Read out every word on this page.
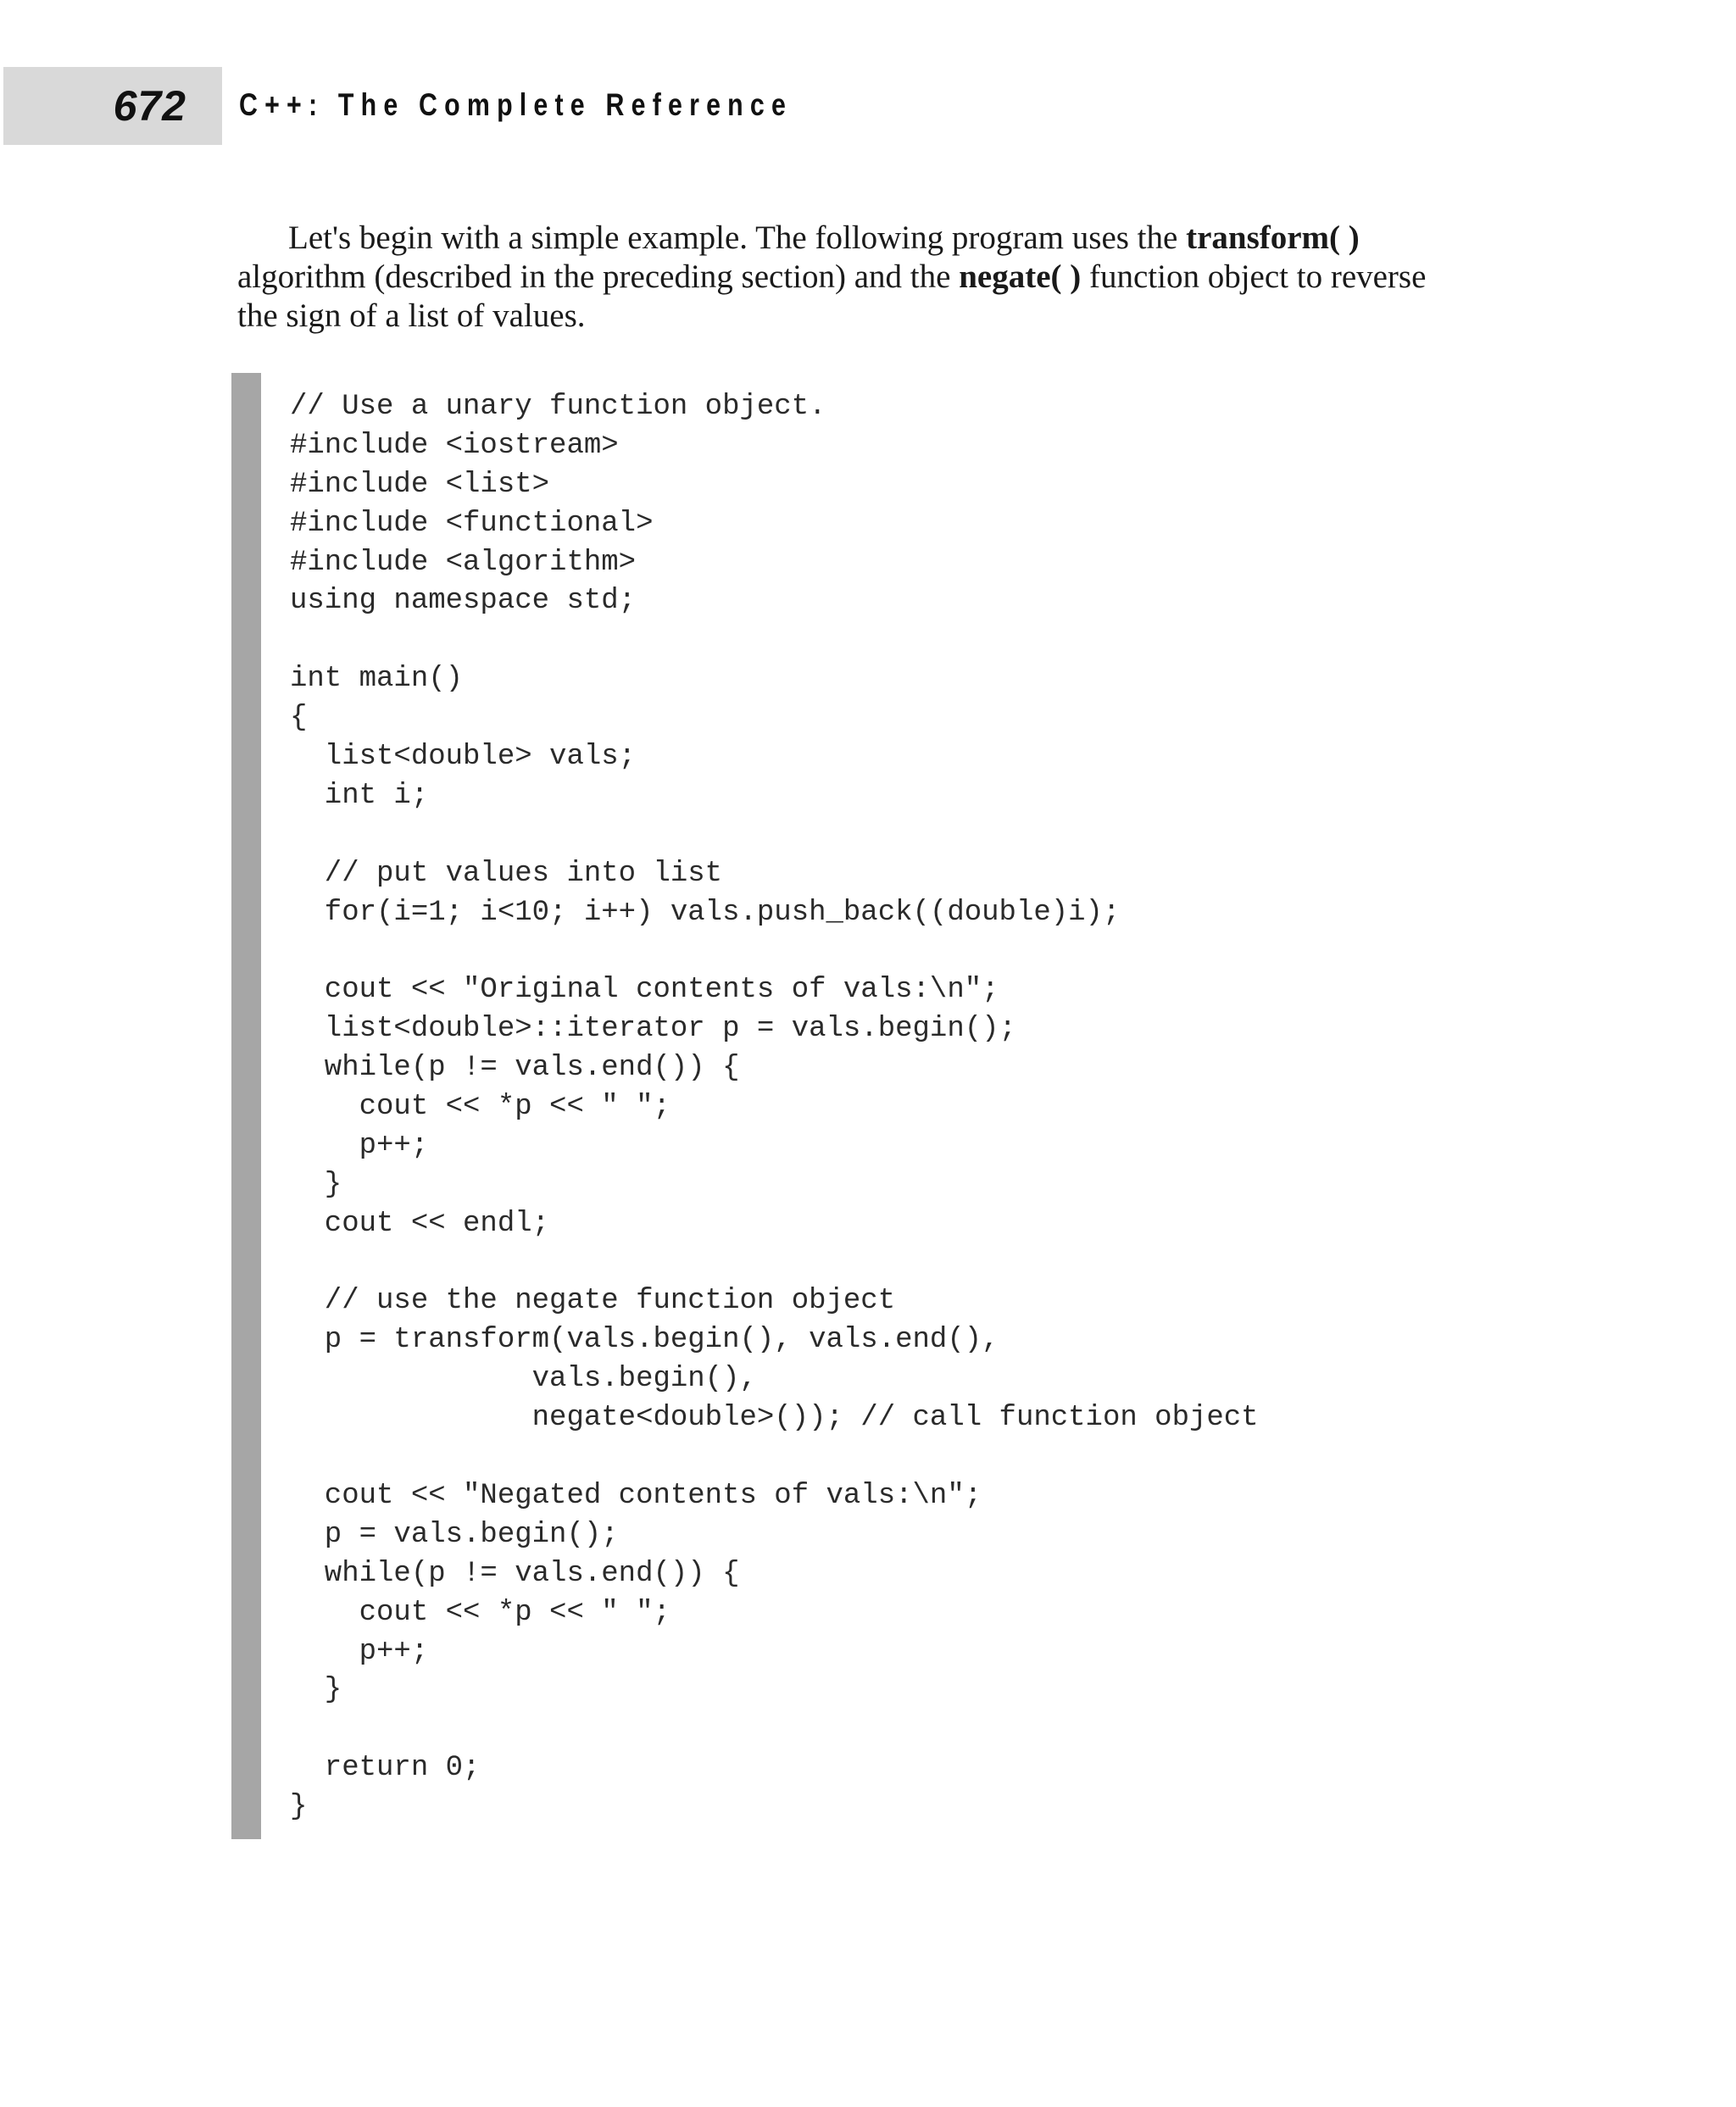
672 C++: The Complete Reference

Let's begin with a simple example. The following program uses the transform( ) algorithm (described in the preceding section) and the negate( ) function object to reverse the sign of a list of values.

// Use a unary function object.
#include <iostream>
#include <list>
#include <functional>
#include <algorithm>
using namespace std;
int main()
{
list<double> vals;
int i;
// put values into list
for(i=1; i<10; i++) vals.push_back((double)i);
cout << "Original contents of vals:\n";
list<double>::iterator p = vals.begin();
while(p != vals.end()) {
cout << *p << " ";
p++;
}
cout << endl;
// use the negate function object
p = transform(vals.begin(), vals.end(),
vals.begin(),
negate<double>()); // call function object
cout << "Negated contents of vals:\n";
p = vals.begin();
while(p != vals.end()) {
cout << *p << " ";
p++;
}
return 0;
}
